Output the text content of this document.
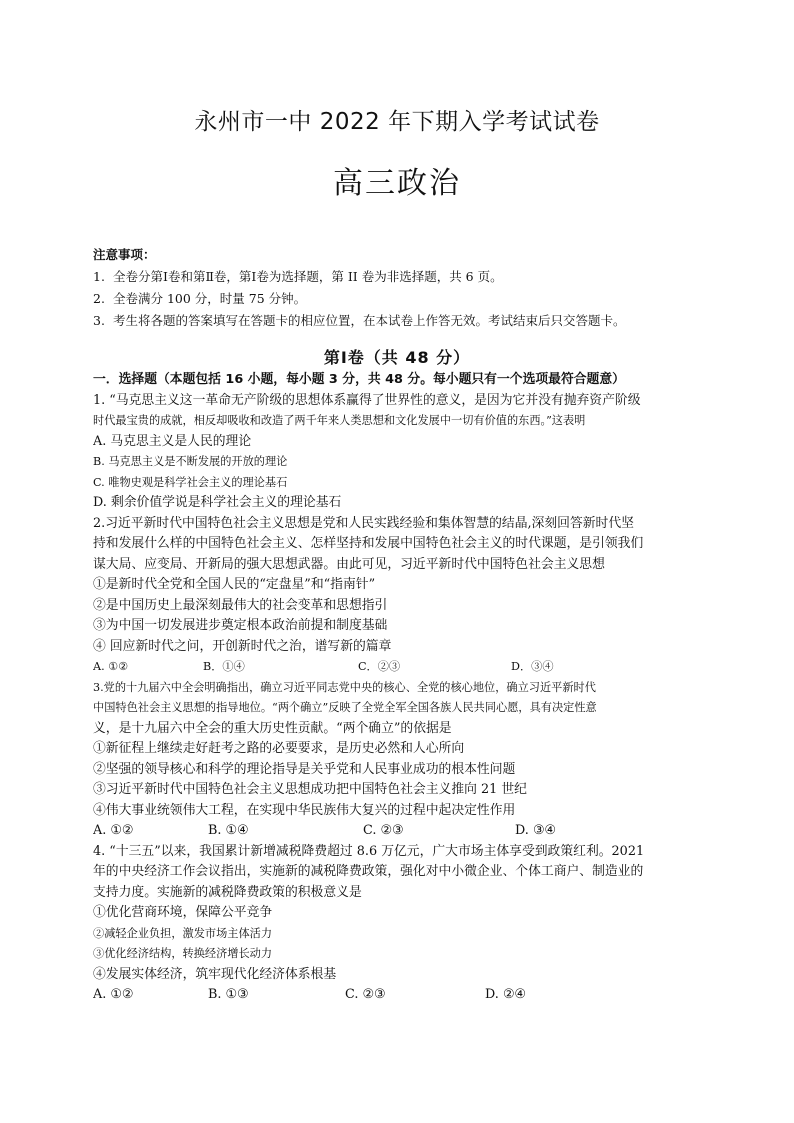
永州市一中 2022 年下期入学考试试卷
高三政治
注意事项：
1. 全卷分第Ⅰ卷和第Ⅱ卷，第Ⅰ卷为选择题，第 II 卷为非选择题，共 6 页。
2. 全卷满分 100 分，时量 75 分钟。
3. 考生将各题的答案填写在答题卡的相应位置，在本试卷上作答无效。考试结束后只交答题卡。
第Ⅰ卷（共 48 分）
一．选择题（本题包括 16 小题，每小题 3 分，共 48 分。每小题只有一个选项最符合题意）
1. “马克思主义这一革命无产阶级的思想体系赢得了世界性的意义，是因为它并没有抛弃资产阶级
时代最宝贵的成就，相反却吸收和改造了两千年来人类思想和文化发展中一切有价值的东西。”这表明
A. 马克思主义是人民的理论
B. 马克思主义是不断发展的开放的理论
C. 唯物史观是科学社会主义的理论基石
D. 剩余价值学说是科学社会主义的理论基石
2.习近平新时代中国特色社会主义思想是党和人民实践经验和集体智慧的结晶,深刻回答新时代坚
持和发展什么样的中国特色社会主义、怎样坚持和发展中国特色社会主义的时代课题，是引领我们
谋大局、应变局、开新局的强大思想武器。由此可见，习近平新时代中国特色社会主义思想
①是新时代全党和全国人民的“定盘星”和“指南针”
②是中国历史上最深刻最伟大的社会变革和思想指引
③为中国一切发展进步奠定根本政治前提和制度基础
④ 回应新时代之问，开创新时代之治，谱写新的篇章
A. ①②	B．①④	C．②③	D．③④
3.党的十九届六中全会明确指出，确立习近平同志党中央的核心、全党的核心地位，确立习近平新时代
中国特色社会主义思想的指导地位。“两个确立”反映了全党全军全国各族人民共同心愿，具有决定性意
义，是十九届六中全会的重大历史性贡献。“两个确立”的依据是
①新征程上继续走好赶考之路的必要要求，是历史必然和人心所向
②坚强的领导核心和科学的理论指导是关乎党和人民事业成功的根本性问题
③习近平新时代中国特色社会主义思想成功把中国特色社会主义推向 21 世纪
④伟大事业统领伟大工程，在实现中华民族伟大复兴的过程中起决定性作用
A. ①②	B. ①④	C. ②③	D. ③④
4. “十三五”以来，我国累计新增减税降费超过 8.6 万亿元，广大市场主体享受到政策红利。2021
年的中央经济工作会议指出，实施新的减税降费政策，强化对中小微企业、个体工商户、制造业的
支持力度。实施新的减税降费政策的积极意义是
①优化营商环境，保障公平竞争
②减轻企业负担，激发市场主体活力
③优化经济结构，转换经济增长动力
④发展实体经济，筑牢现代化经济体系根基
A. ①②	B. ①③	C. ②③	D. ②④
